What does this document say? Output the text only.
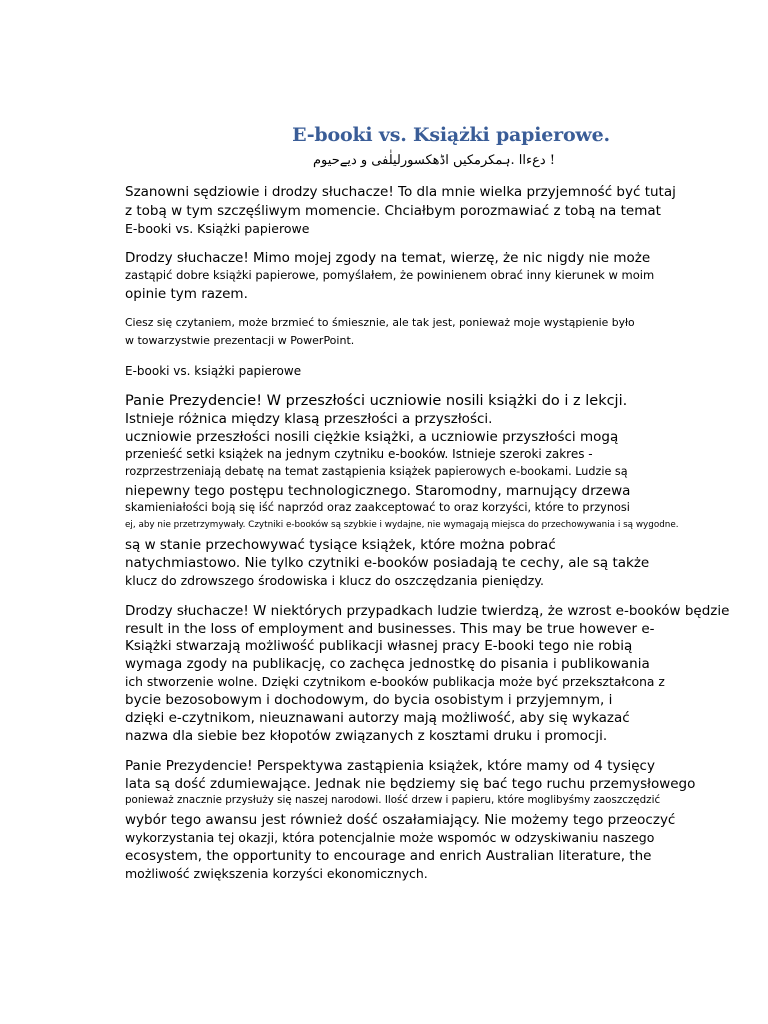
E-booki vs. Książki papierowe.
! دعءاا .ہمکرمکیں اڈھکسورلیلٰفی و دیےحیوم
Szanowni sędziowie i drodzy słuchacze! To dla mnie wielka przyjemność być tutaj
z tobą w tym szczęśliwym momencie. Chciałbym porozmawiać z tobą na temat
E-booki vs. Książki papierowe
Drodzy słuchacze! Mimo mojej zgody na temat, wierzę, że nic nigdy nie może
zastąpić dobre książki papierowe, pomyślałem, że powinienem obrać inny kierunek w moim
opinie tym razem.
Ciesz się czytaniem, może brzmieć to śmiesznie, ale tak jest, ponieważ moje wystąpienie było
w towarzystwie prezentacji w PowerPoint.
E-booki vs. książki papierowe
Panie Prezydencie! W przeszłości uczniowie nosili książki do i z lekcji.
Istnieje różnica między klasą przeszłości a przyszłości.
uczniowie przeszłości nosili ciężkie książki, a uczniowie przyszłości mogą
przenieść setki książek na jednym czytniku e-booków. Istnieje szeroki zakres -
rozprzestrzeniają debatę na temat zastąpienia książek papierowych e-bookami. Ludzie są
niepewny tego postępu technologicznego. Staromodny, marnujący drzewa
skamieniałości boją się iść naprzód oraz zaakceptować to oraz korzyści, które to przynosi
ej, aby nie przetrzymywały. Czytniki e-booków są szybkie i wydajne, nie wymagają miejsca do przechowywania i są wygodne.
są w stanie przechowywać tysiące książek, które można pobrać
natychmiastowo. Nie tylko czytniki e-booków posiadają te cechy, ale są także
klucz do zdrowszego środowiska i klucz do oszczędzania pieniędzy.
Drodzy słuchacze! W niektórych przypadkach ludzie twierdzą, że wzrost e-booków będzie
result in the loss of employment and businesses. This may be true however e-
Książki stwarzają możliwość publikacji własnej pracy E-booki tego nie robią
wymaga zgody na publikację, co zachęca jednostkę do pisania i publikowania
ich stworzenie wolne. Dzięki czytnikom e-booków publikacja może być przekształcona z
bycie bezosobowym i dochodowym, do bycia osobistym i przyjemnym, i
dzięki e-czytnikom, nieuznawani autorzy mają możliwość, aby się wykazać
nazwa dla siebie bez kłopotów związanych z kosztami druku i promocji.
Panie Prezydencie! Perspektywa zastąpienia książek, które mamy od 4 tysięcy
lata są dość zdumiewające. Jednak nie będziemy się bać tego ruchu przemysłowego
ponieważ znacznie przysłuży się naszej narodowi. Ilość drzew i papieru, które moglibyśmy zaoszczędzić
wybór tego awansu jest również dość oszałamiający. Nie możemy tego przeoczyć
wykorzystania tej okazji, która potencjalnie może wspomóc w odzyskiwaniu naszego
ecosystem, the opportunity to encourage and enrich Australian literature, the
możliwość zwiększenia korzyści ekonomicznych.
